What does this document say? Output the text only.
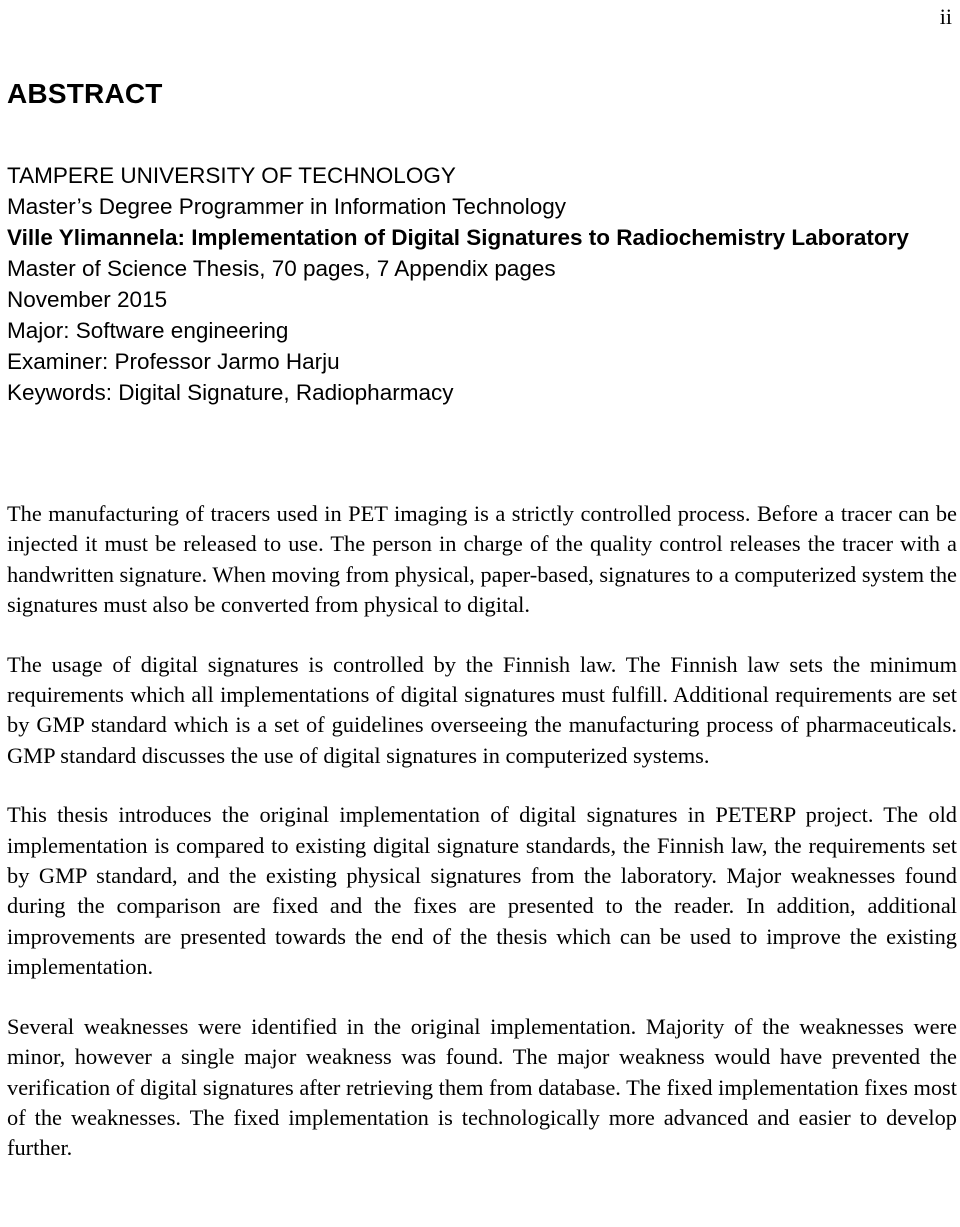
ii
ABSTRACT
TAMPERE UNIVERSITY OF TECHNOLOGY
Master’s Degree Programmer in Information Technology
Ville Ylimannela: Implementation of Digital Signatures to Radiochemistry Laboratory
Master of Science Thesis, 70 pages, 7 Appendix pages
November 2015
Major: Software engineering
Examiner: Professor Jarmo Harju
Keywords: Digital Signature, Radiopharmacy

The manufacturing of tracers used in PET imaging is a strictly controlled process. Before a tracer can be injected it must be released to use. The person in charge of the quality control releases the tracer with a handwritten signature. When moving from physical, paper-based, signatures to a computerized system the signatures must also be converted from physical to digital.

The usage of digital signatures is controlled by the Finnish law. The Finnish law sets the minimum requirements which all implementations of digital signatures must fulfill. Additional requirements are set by GMP standard which is a set of guidelines overseeing the manufacturing process of pharmaceuticals. GMP standard discusses the use of digital signatures in computerized systems.

This thesis introduces the original implementation of digital signatures in PETERP project. The old implementation is compared to existing digital signature standards, the Finnish law, the requirements set by GMP standard, and the existing physical signatures from the laboratory. Major weaknesses found during the comparison are fixed and the fixes are presented to the reader. In addition, additional improvements are presented towards the end of the thesis which can be used to improve the existing implementation.

Several weaknesses were identified in the original implementation. Majority of the weaknesses were minor, however a single major weakness was found. The major weakness would have prevented the verification of digital signatures after retrieving them from database. The fixed implementation fixes most of the weaknesses. The fixed implementation is technologically more advanced and easier to develop further.
